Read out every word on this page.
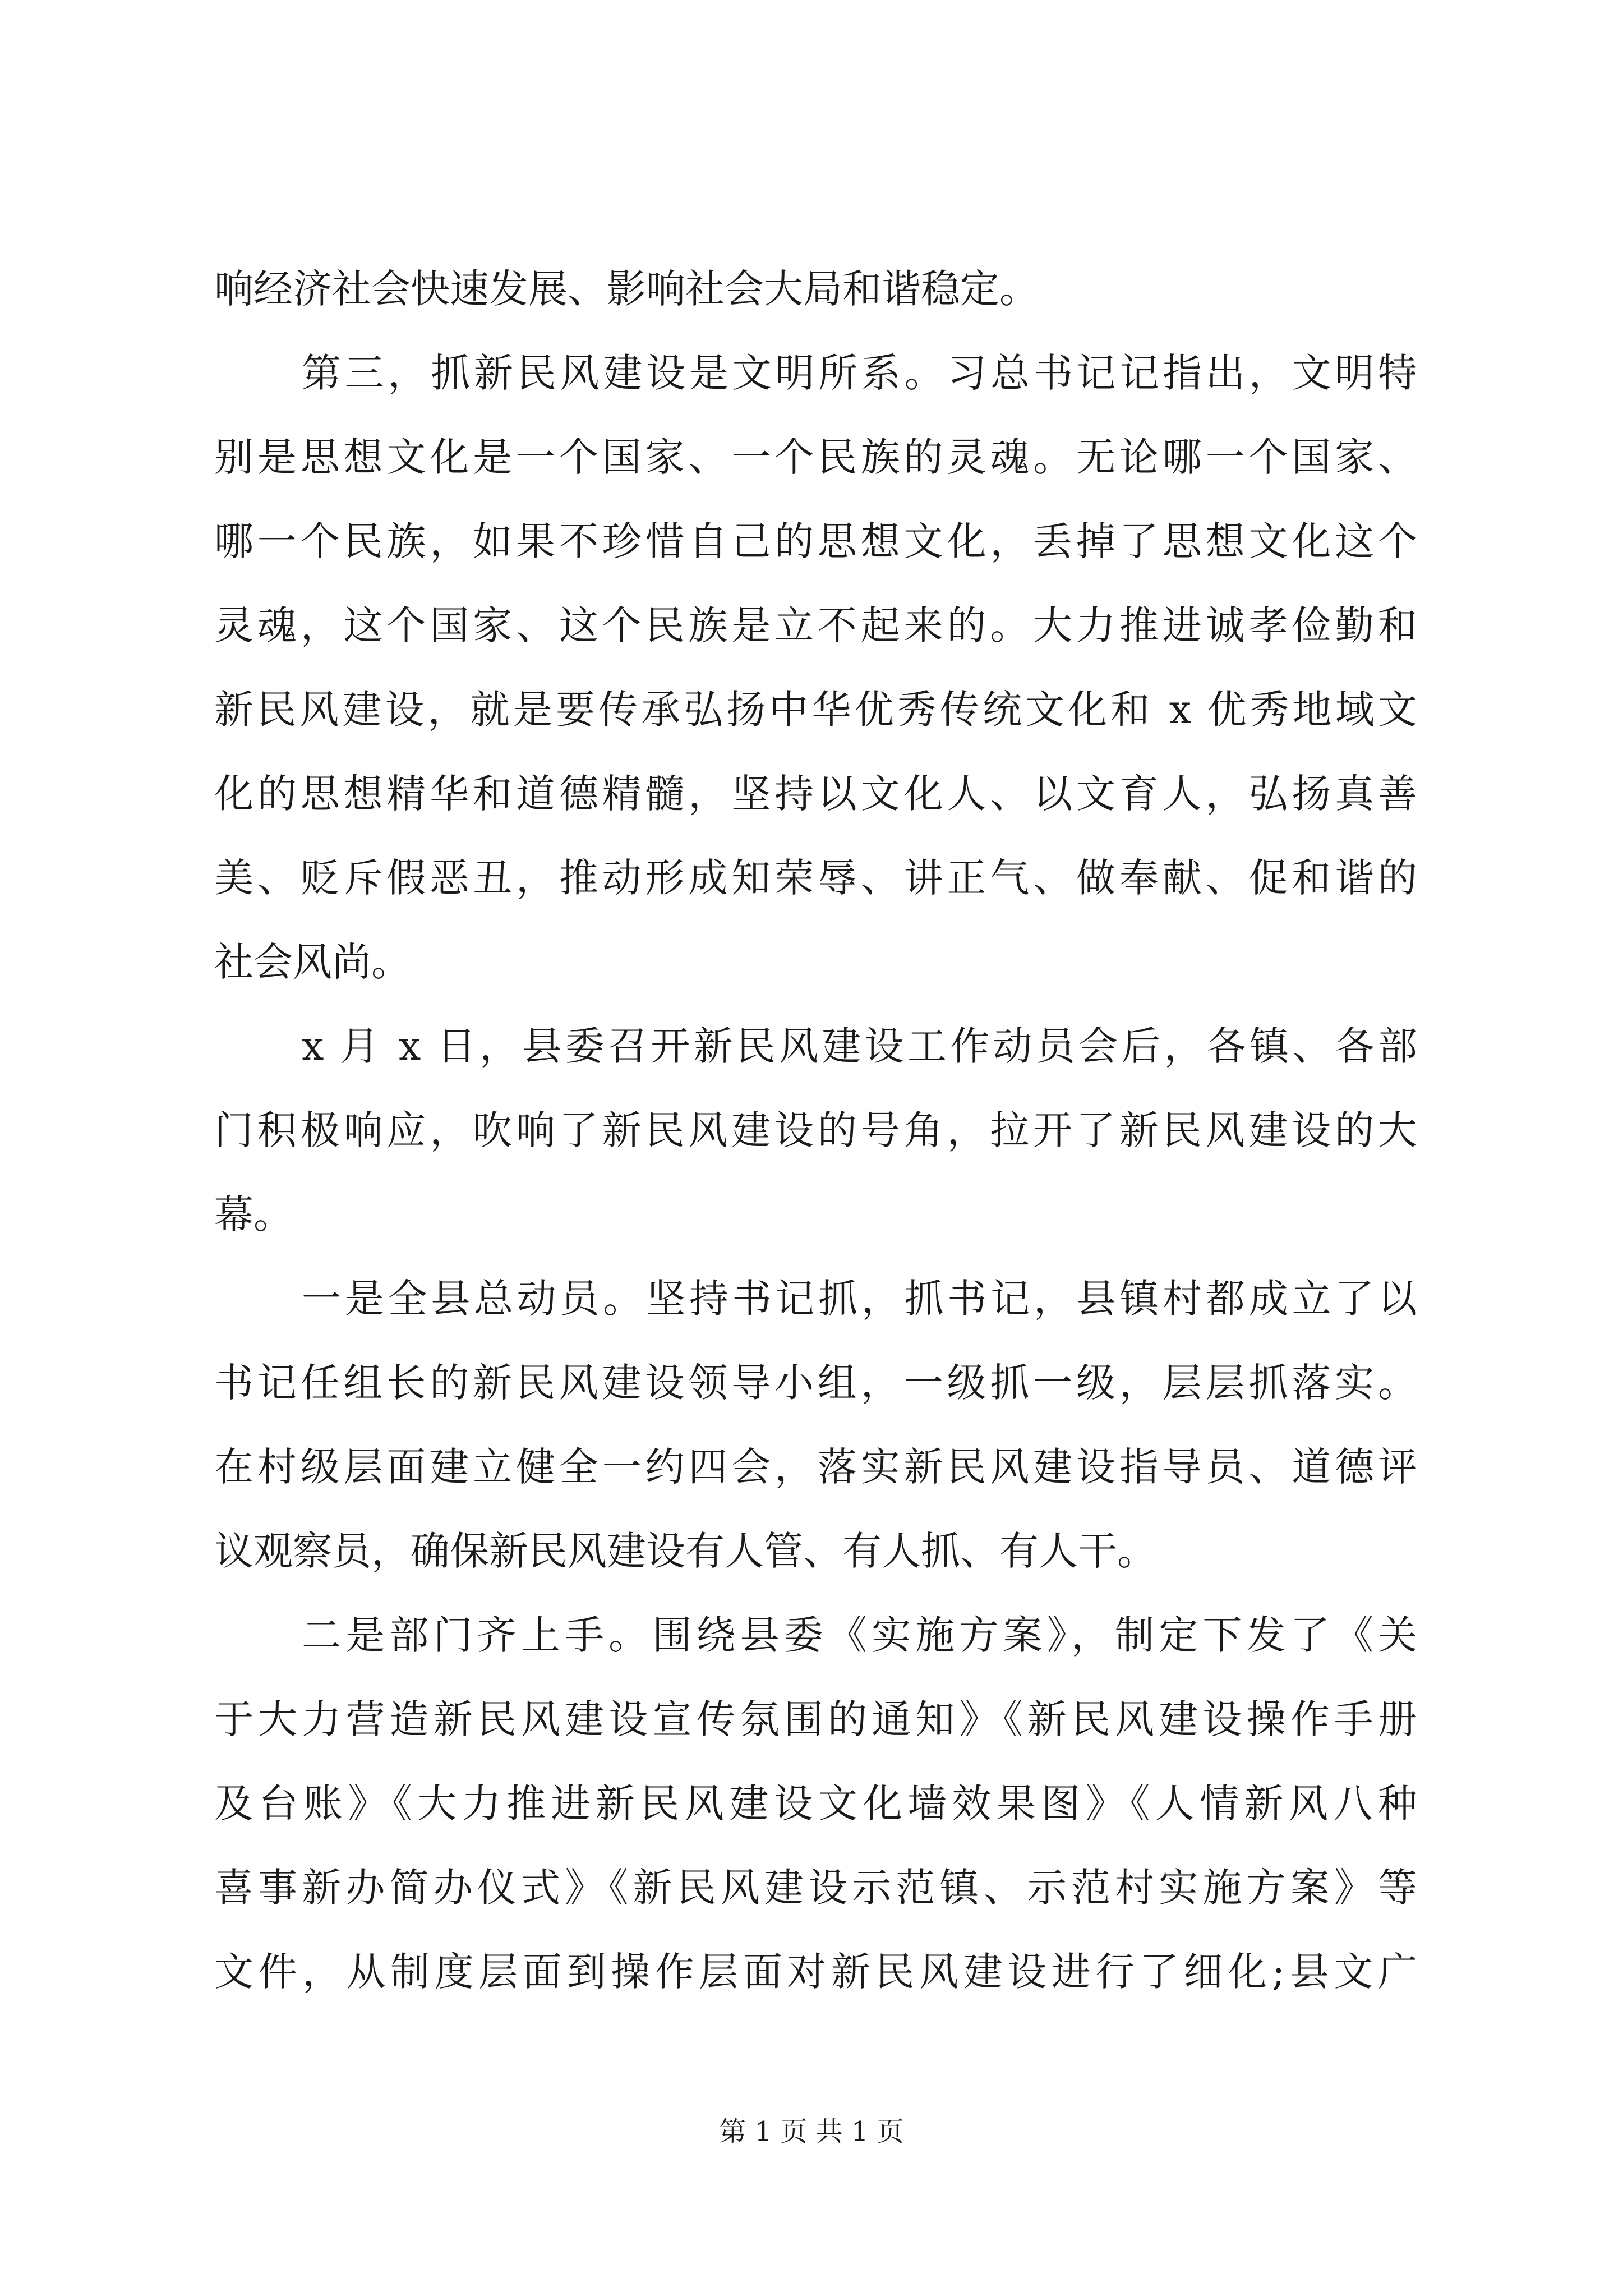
响经济社会快速发展、影响社会大局和谐稳定。
第三，抓新民风建设是文明所系。习总书记记指出，文明特
别是思想文化是一个国家、一个民族的灵魂。无论哪一个国家、
哪一个民族，如果不珍惜自己的思想文化，丢掉了思想文化这个
灵魂，这个国家、这个民族是立不起来的。大力推进诚孝俭勤和
新民风建设，就是要传承弘扬中华优秀传统文化和 x 优秀地域文
化的思想精华和道德精髓，坚持以文化人、以文育人，弘扬真善
美、贬斥假恶丑，推动形成知荣辱、讲正气、做奉献、促和谐的
社会风尚。
x 月 x 日，县委召开新民风建设工作动员会后，各镇、各部
门积极响应，吹响了新民风建设的号角，拉开了新民风建设的大
幕。
一是全县总动员。坚持书记抓，抓书记，县镇村都成立了以
书记任组长的新民风建设领导小组，一级抓一级，层层抓落实。
在村级层面建立健全一约四会，落实新民风建设指导员、道德评
议观察员，确保新民风建设有人管、有人抓、有人干。
二是部门齐上手。围绕县委《实施方案》，制定下发了《关
于大力营造新民风建设宣传氛围的通知》《新民风建设操作手册
及台账》《大力推进新民风建设文化墙效果图》《人情新风八种
喜事新办简办仪式》《新民风建设示范镇、示范村实施方案》等
文件，从制度层面到操作层面对新民风建设进行了细化;县文广
第 1 页 共 1 页
